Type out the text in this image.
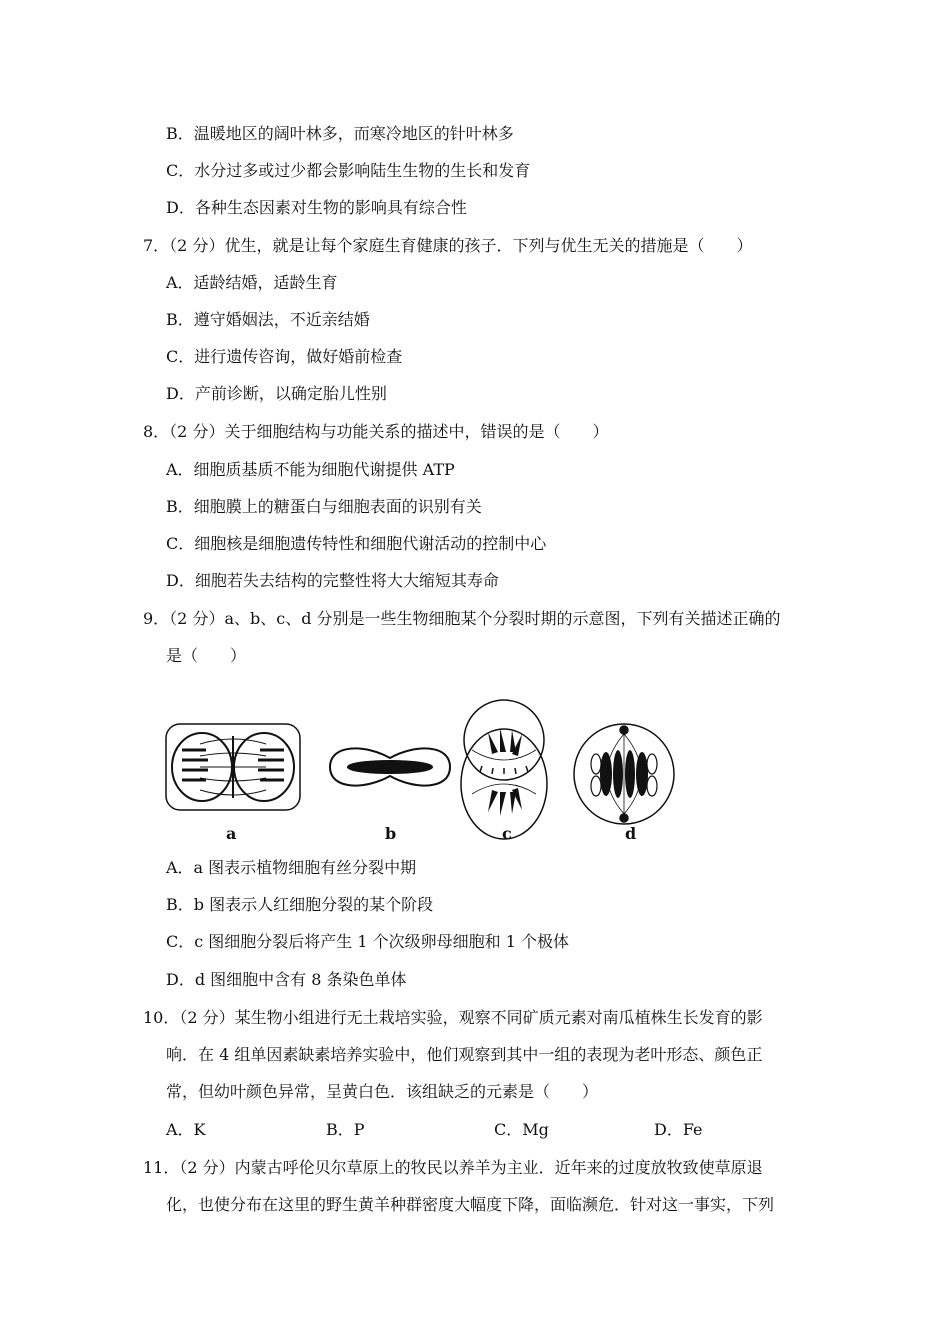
B．温暖地区的阔叶林多，而寒冷地区的针叶林多
C．水分过多或过少都会影响陆生生物的生长和发育
D．各种生态因素对生物的影响具有综合性
7．（2 分）优生，就是让每个家庭生育健康的孩子．下列与优生无关的措施是（　　）
A．适龄结婚，适龄生育
B．遵守婚姻法，不近亲结婚
C．进行遗传咨询，做好婚前检查
D．产前诊断，以确定胎儿性别
8．（2 分）关于细胞结构与功能关系的描述中，错误的是（　　）
A．细胞质基质不能为细胞代谢提供 ATP
B．细胞膜上的糖蛋白与细胞表面的识别有关
C．细胞核是细胞遗传特性和细胞代谢活动的控制中心
D．细胞若失去结构的完整性将大大缩短其寿命
9．（2 分）a、b、c、d 分别是一些生物细胞某个分裂时期的示意图，下列有关描述正确的
是（　　）
a	b	c	d
A．a 图表示植物细胞有丝分裂中期
B．b 图表示人红细胞分裂的某个阶段
C．c 图细胞分裂后将产生 1 个次级卵母细胞和 1 个极体
D．d 图细胞中含有 8 条染色单体
10．（2 分）某生物小组进行无土栽培实验，观察不同矿质元素对南瓜植株生长发育的影
响．在 4 组单因素缺素培养实验中，他们观察到其中一组的表现为老叶形态、颜色正
常，但幼叶颜色异常，呈黄白色．该组缺乏的元素是（　　）
A．K	B．P	C．Mg	D．Fe
11．（2 分）内蒙古呼伦贝尔草原上的牧民以养羊为主业．近年来的过度放牧致使草原退
化，也使分布在这里的野生黄羊种群密度大幅度下降，面临濒危．针对这一事实，下列
